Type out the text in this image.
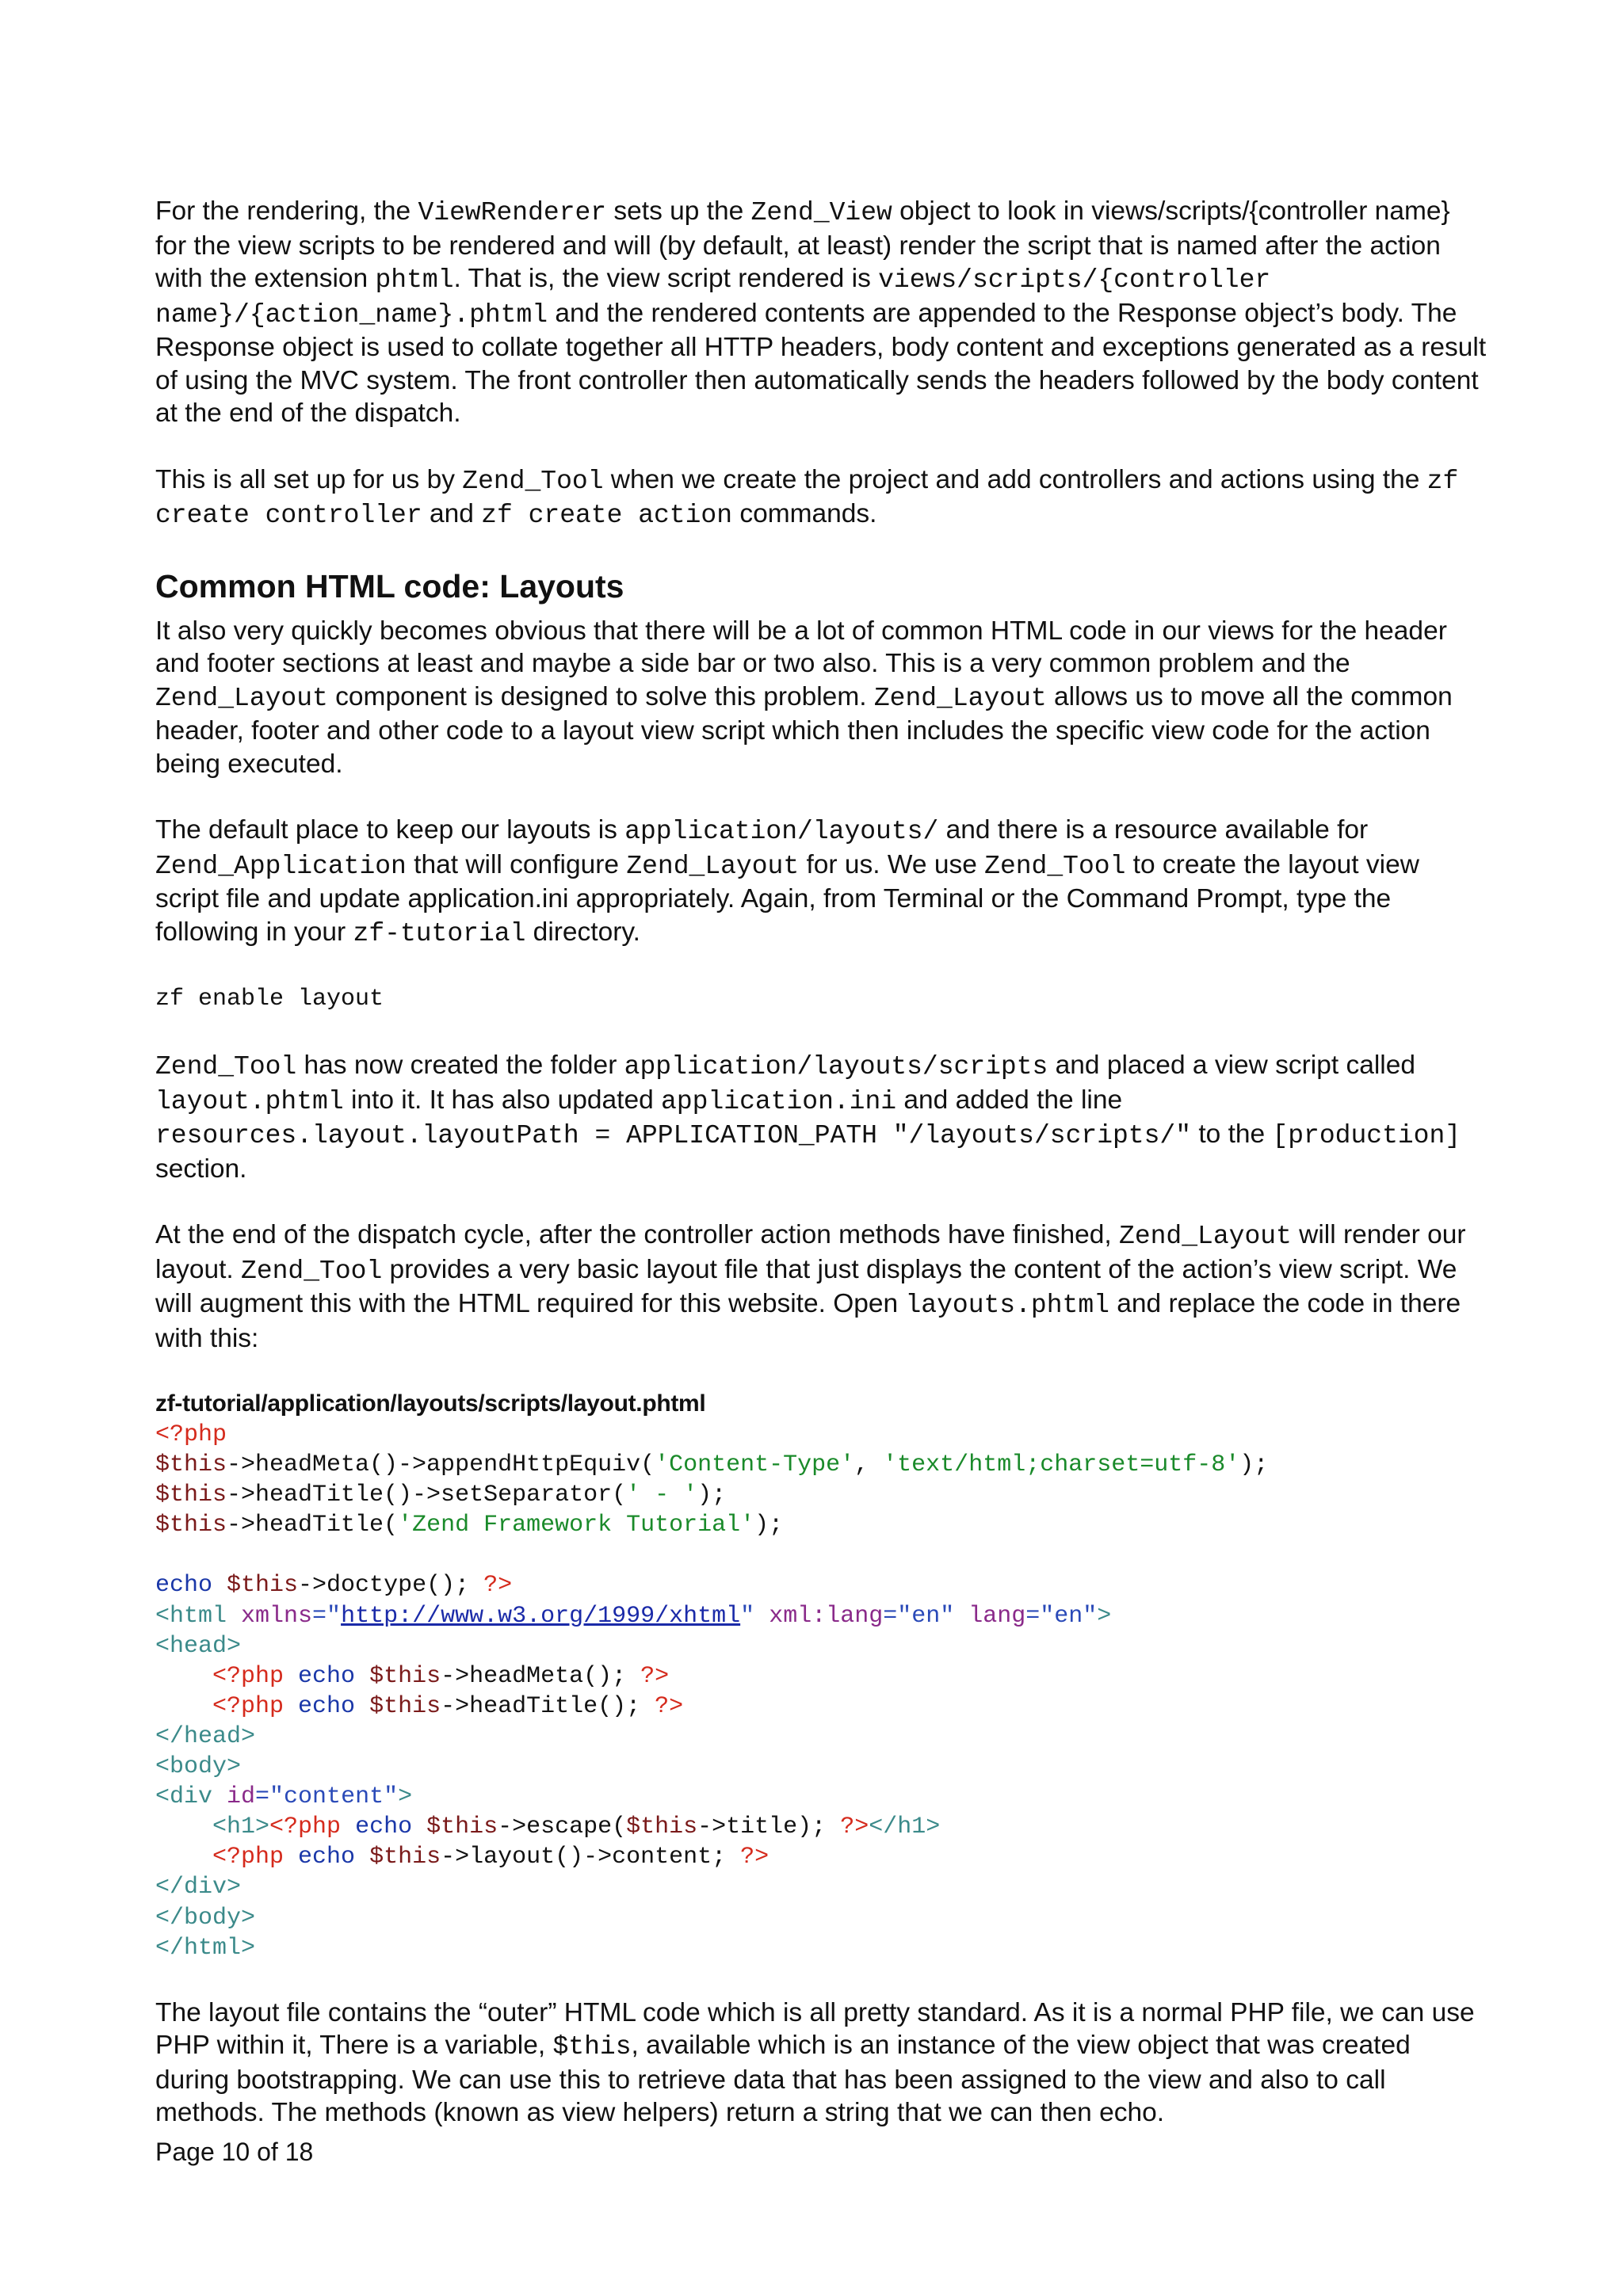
For the rendering, the ViewRenderer sets up the Zend_View object to look in views/scripts/{controller name} for the view scripts to be rendered and will (by default, at least) render the script that is named after the action with the extension phtml. That is, the view script rendered is views/scripts/{controller name}/{action_name}.phtml and the rendered contents are appended to the Response object’s body. The Response object is used to collate together all HTTP headers, body content and exceptions generated as a result of using the MVC system. The front controller then automatically sends the headers followed by the body content at the end of the dispatch.

This is all set up for us by Zend_Tool when we create the project and add controllers and actions using the zf create controller and zf create action commands.

Common HTML code: Layouts

It also very quickly becomes obvious that there will be a lot of common HTML code in our views for the header and footer sections at least and maybe a side bar or two also. This is a very common problem and the Zend_Layout component is designed to solve this problem. Zend_Layout allows us to move all the common header, footer and other code to a layout view script which then includes the specific view code for the action being executed.

The default place to keep our layouts is application/layouts/ and there is a resource available for Zend_Application that will configure Zend_Layout for us. We use Zend_Tool to create the layout view script file and update application.ini appropriately. Again, from Terminal or the Command Prompt, type the following in your zf-tutorial directory.

zf enable layout

Zend_Tool has now created the folder application/layouts/scripts and placed a view script called layout.phtml into it. It has also updated application.ini and added the line resources.layout.layoutPath = APPLICATION_PATH "/layouts/scripts/" to the [production] section.

At the end of the dispatch cycle, after the controller action methods have finished, Zend_Layout will render our layout. Zend_Tool provides a very basic layout file that just displays the content of the action’s view script. We will augment this with the HTML required for this website. Open layouts.phtml and replace the code in there with this:

zf-tutorial/application/layouts/scripts/layout.phtml
<?php
$this->headMeta()->appendHttpEquiv('Content-Type', 'text/html;charset=utf-8');
$this->headTitle()->setSeparator(' - ');
$this->headTitle('Zend Framework Tutorial');

echo $this->doctype(); ?>
<html xmlns="http://www.w3.org/1999/xhtml" xml:lang="en" lang="en">
<head>
<?php echo $this->headMeta(); ?>
<?php echo $this->headTitle(); ?>
</head>
<body>
<div id="content">
<h1><?php echo $this->escape($this->title); ?></h1>
<?php echo $this->layout()->content; ?>
</div>
</body>
</html>

The layout file contains the “outer” HTML code which is all pretty standard. As it is a normal PHP file, we can use PHP within it, There is a variable, $this, available which is an instance of the view object that was created during bootstrapping. We can use this to retrieve data that has been assigned to the view and also to call methods. The methods (known as view helpers) return a string that we can then echo.

Page 10 of 18
